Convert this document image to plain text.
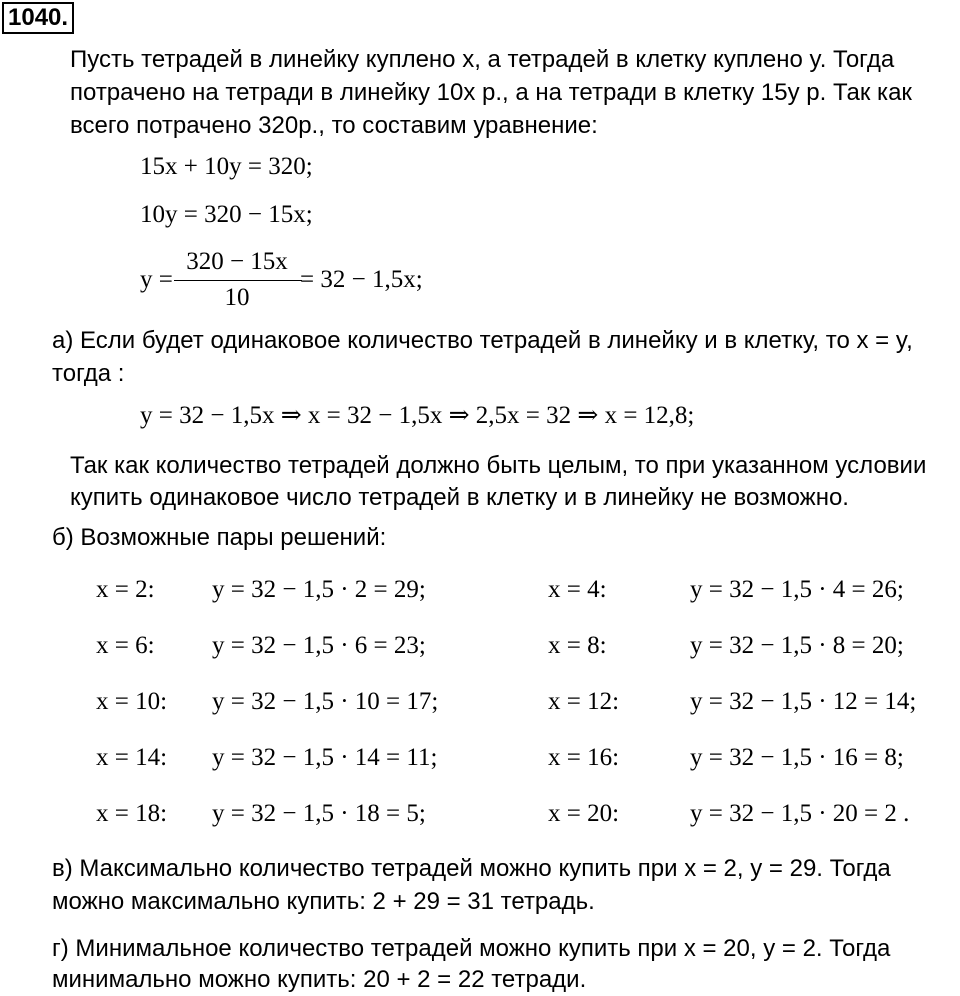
1040.
Пусть тетрадей в линейку куплено x, а тетрадей в клетку куплено y. Тогда
потрачено на тетради в линейку 10x р., а на тетради в клетку 15y р. Так как
всего потрачено 320р., то составим уравнение:
15x + 10y = 320;
10y = 320 − 15x;
y =
320 − 15x
10
= 32 − 1,5x;
а) Если будет одинаковое количество тетрадей в линейку и в клетку, то x = y,
тогда :
y = 32 − 1,5x ⇒ x = 32 − 1,5x ⇒ 2,5x = 32 ⇒ x = 12,8;
Так как количество тетрадей должно быть целым, то при указанном условии
купить одинаковое число тетрадей в клетку и в линейку не возможно.
б) Возможные пары решений:
x = 2: y = 32 − 1,5 · 2 = 29;	x = 4:	y = 32 − 1,5 · 4 = 26;
x = 6: y = 32 − 1,5 · 6 = 23;	x = 8:	y = 32 − 1,5 · 8 = 20;
x = 10: y = 32 − 1,5 · 10 = 17;	x = 12:	y = 32 − 1,5 · 12 = 14;
x = 14: y = 32 − 1,5 · 14 = 11;	x = 16:	y = 32 − 1,5 · 16 = 8;
x = 18: y = 32 − 1,5 · 18 = 5;	x = 20:	y = 32 − 1,5 · 20 = 2 .
в) Максимально количество тетрадей можно купить при x = 2, y = 29. Тогда
можно максимально купить: 2 + 29 = 31 тетрадь.
г) Минимальное количество тетрадей можно купить при x = 20, y = 2. Тогда
минимально можно купить: 20 + 2 = 22 тетради.
